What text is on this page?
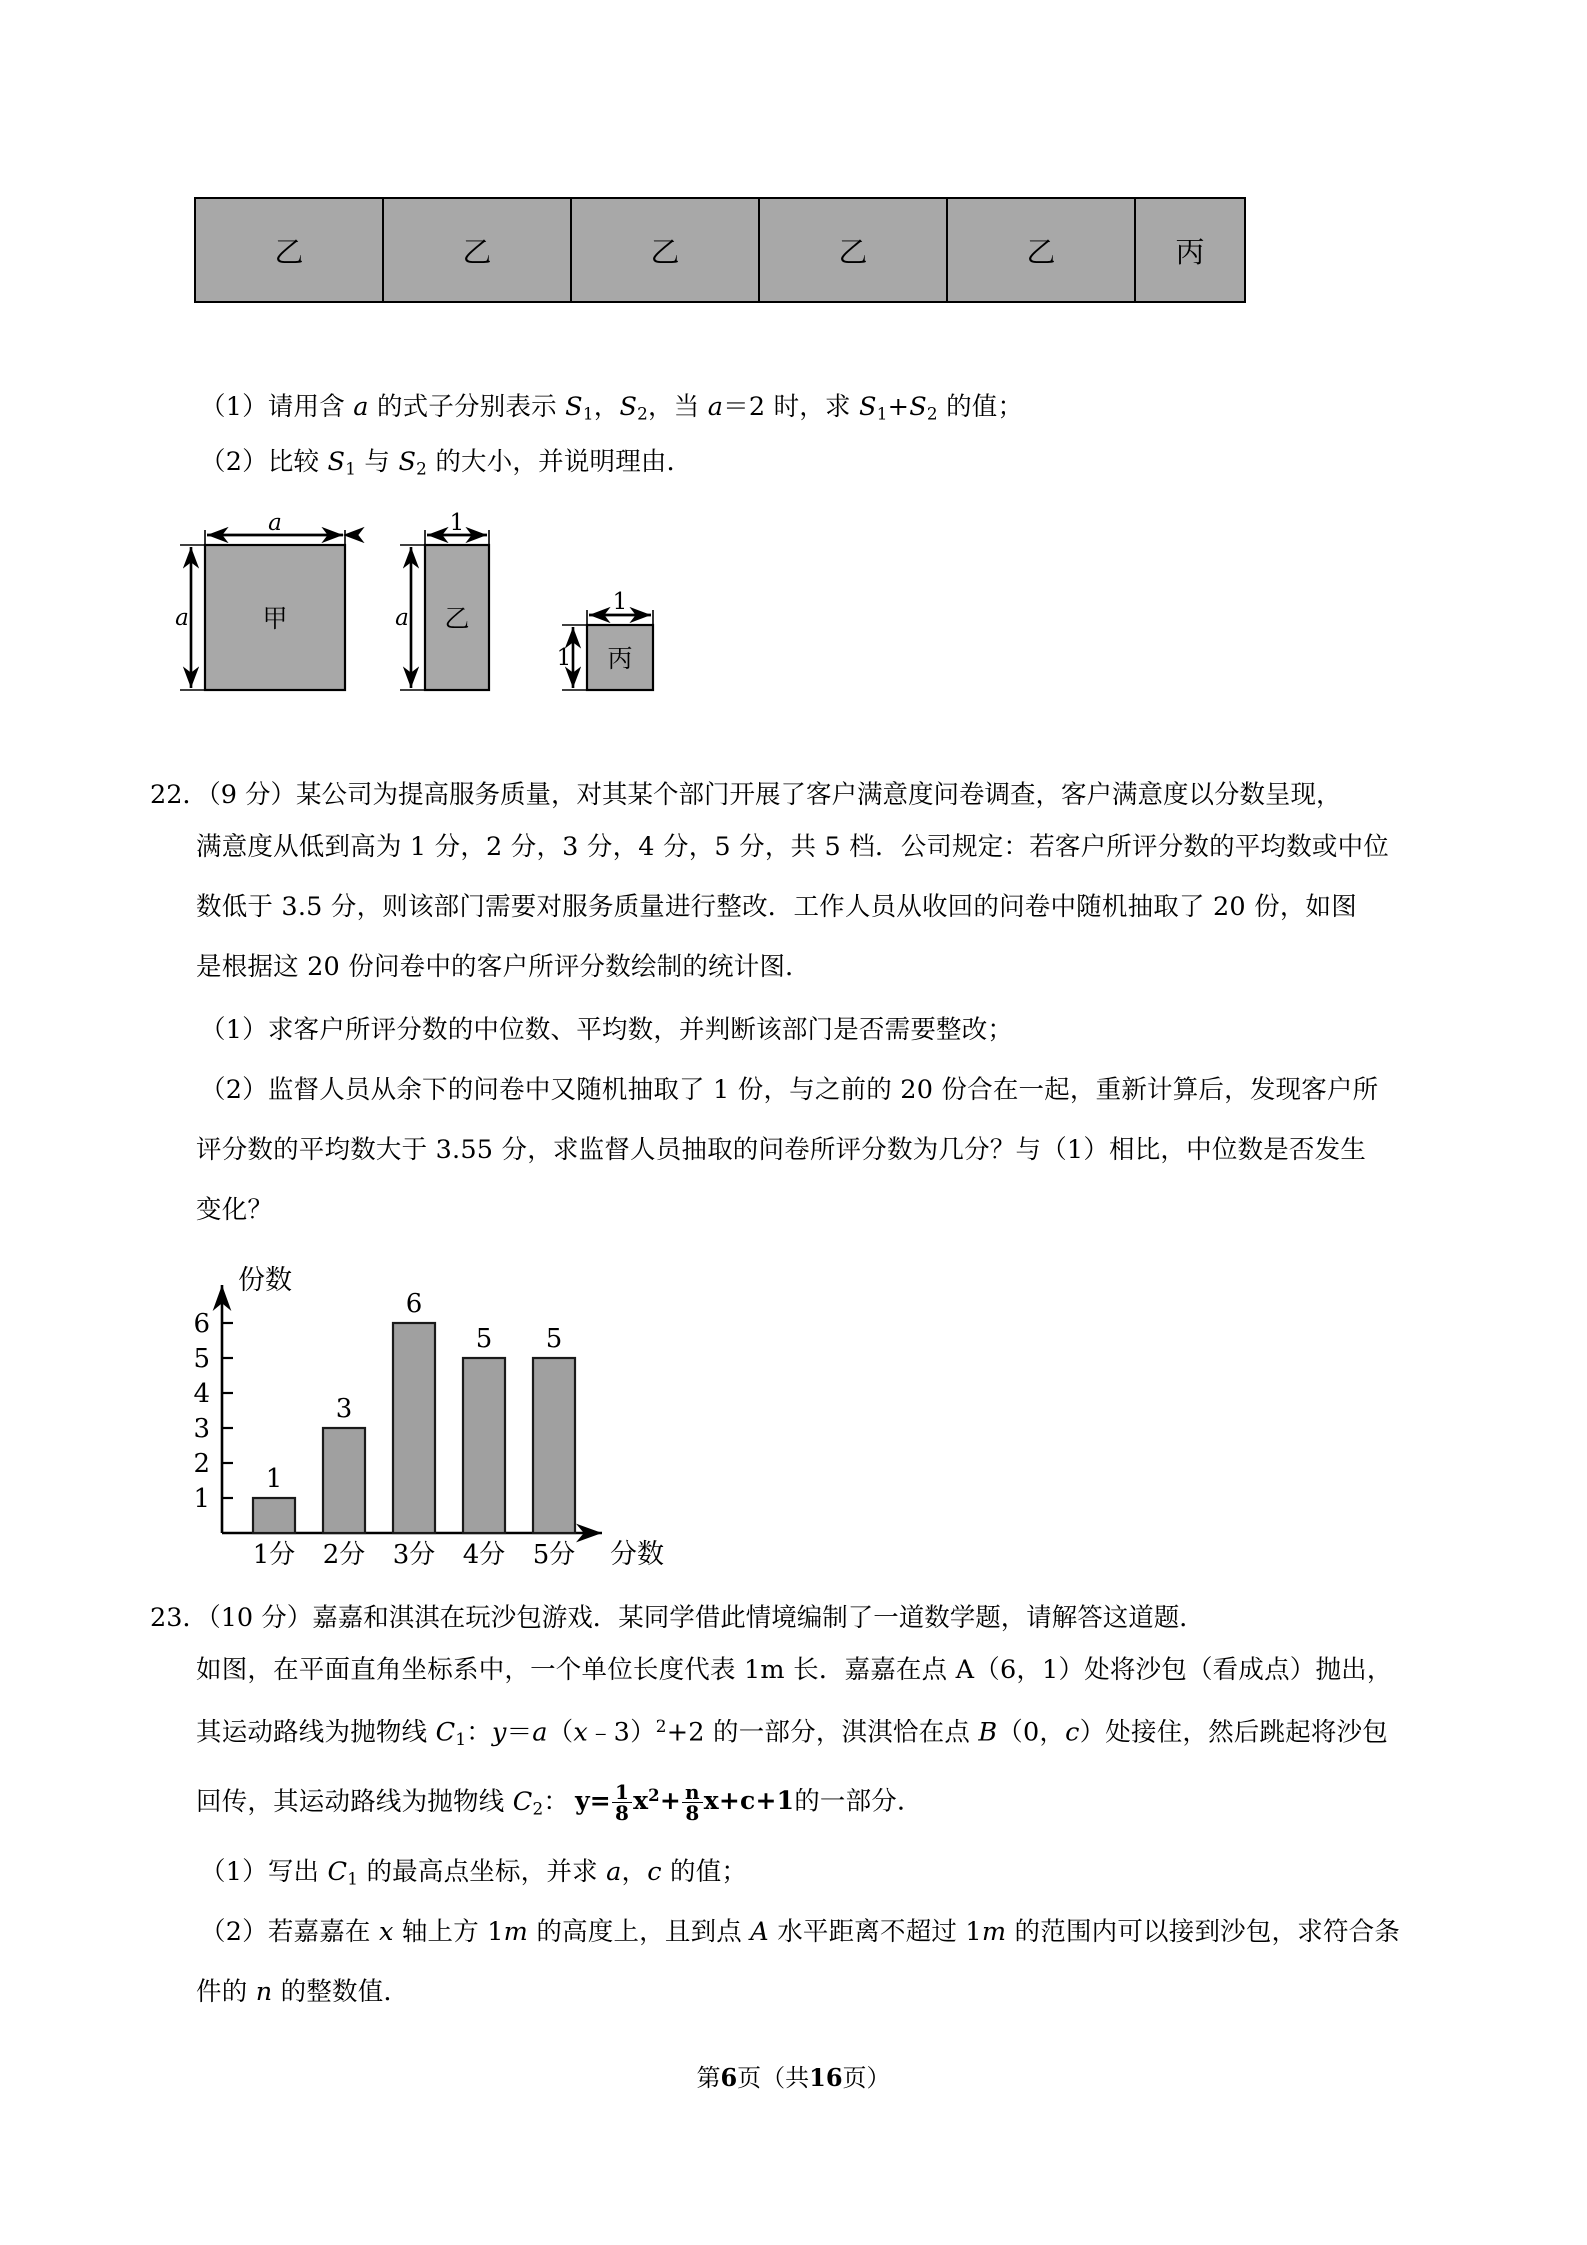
乙	乙	乙	乙	乙	丙
（1）请用含 a 的式子分别表示 $S_1$，$S_2$，当 a＝2 时，求 $S_1+S_2$ 的值；
（2）比较 $S_1$ 与 $S_2$ 的大小，并说明理由．
a
a	甲
1
a 乙
1
1 丙
22．（9 分）某公司为提高服务质量，对其某个部门开展了客户满意度问卷调查，客户满意度以分数呈现，
满意度从低到高为 1 分，2 分，3 分，4 分，5 分，共 5 档．公司规定：若客户所评分数的平均数或中位
数低于 3.5 分，则该部门需要对服务质量进行整改．工作人员从收回的问卷中随机抽取了 20 份，如图
是根据这 20 份问卷中的客户所评分数绘制的统计图．
（1）求客户所评分数的中位数、平均数，并判断该部门是否需要整改；
（2）监督人员从余下的问卷中又随机抽取了 1 份，与之前的 20 份合在一起，重新计算后，发现客户所
评分数的平均数大于 3.55 分，求监督人员抽取的问卷所评分数为几分？与（1）相比，中位数是否发生
变化？
1
2
3
4
5
6
份数
分数
1
1分
3
2分
6
3分
5
4分
5
5分
23．（10 分）嘉嘉和淇淇在玩沙包游戏．某同学借此情境编制了一道数学题，请解答这道题．
如图，在平面直角坐标系中，一个单位长度代表 1m 长．嘉嘉在点 A（6，1）处将沙包（看成点）抛出，
其运动路线为抛物线 $C_1$：y＝a（x﹣3）$^2$+2 的一部分，淇淇恰在点 B（0，c）处接住，然后跳起将沙包
回传，其运动路线为抛物线 $C_2$： $y= \frac{1}{8} x^2+ \frac{n}{8} x+c+1$的一部分．
（1）写出 $C_1$ 的最高点坐标，并求 a，c 的值；
（2）若嘉嘉在 x 轴上方 1m 的高度上，且到点 A 水平距离不超过 1m 的范围内可以接到沙包，求符合条
件的 n 的整数值．
第6页（共16页）
